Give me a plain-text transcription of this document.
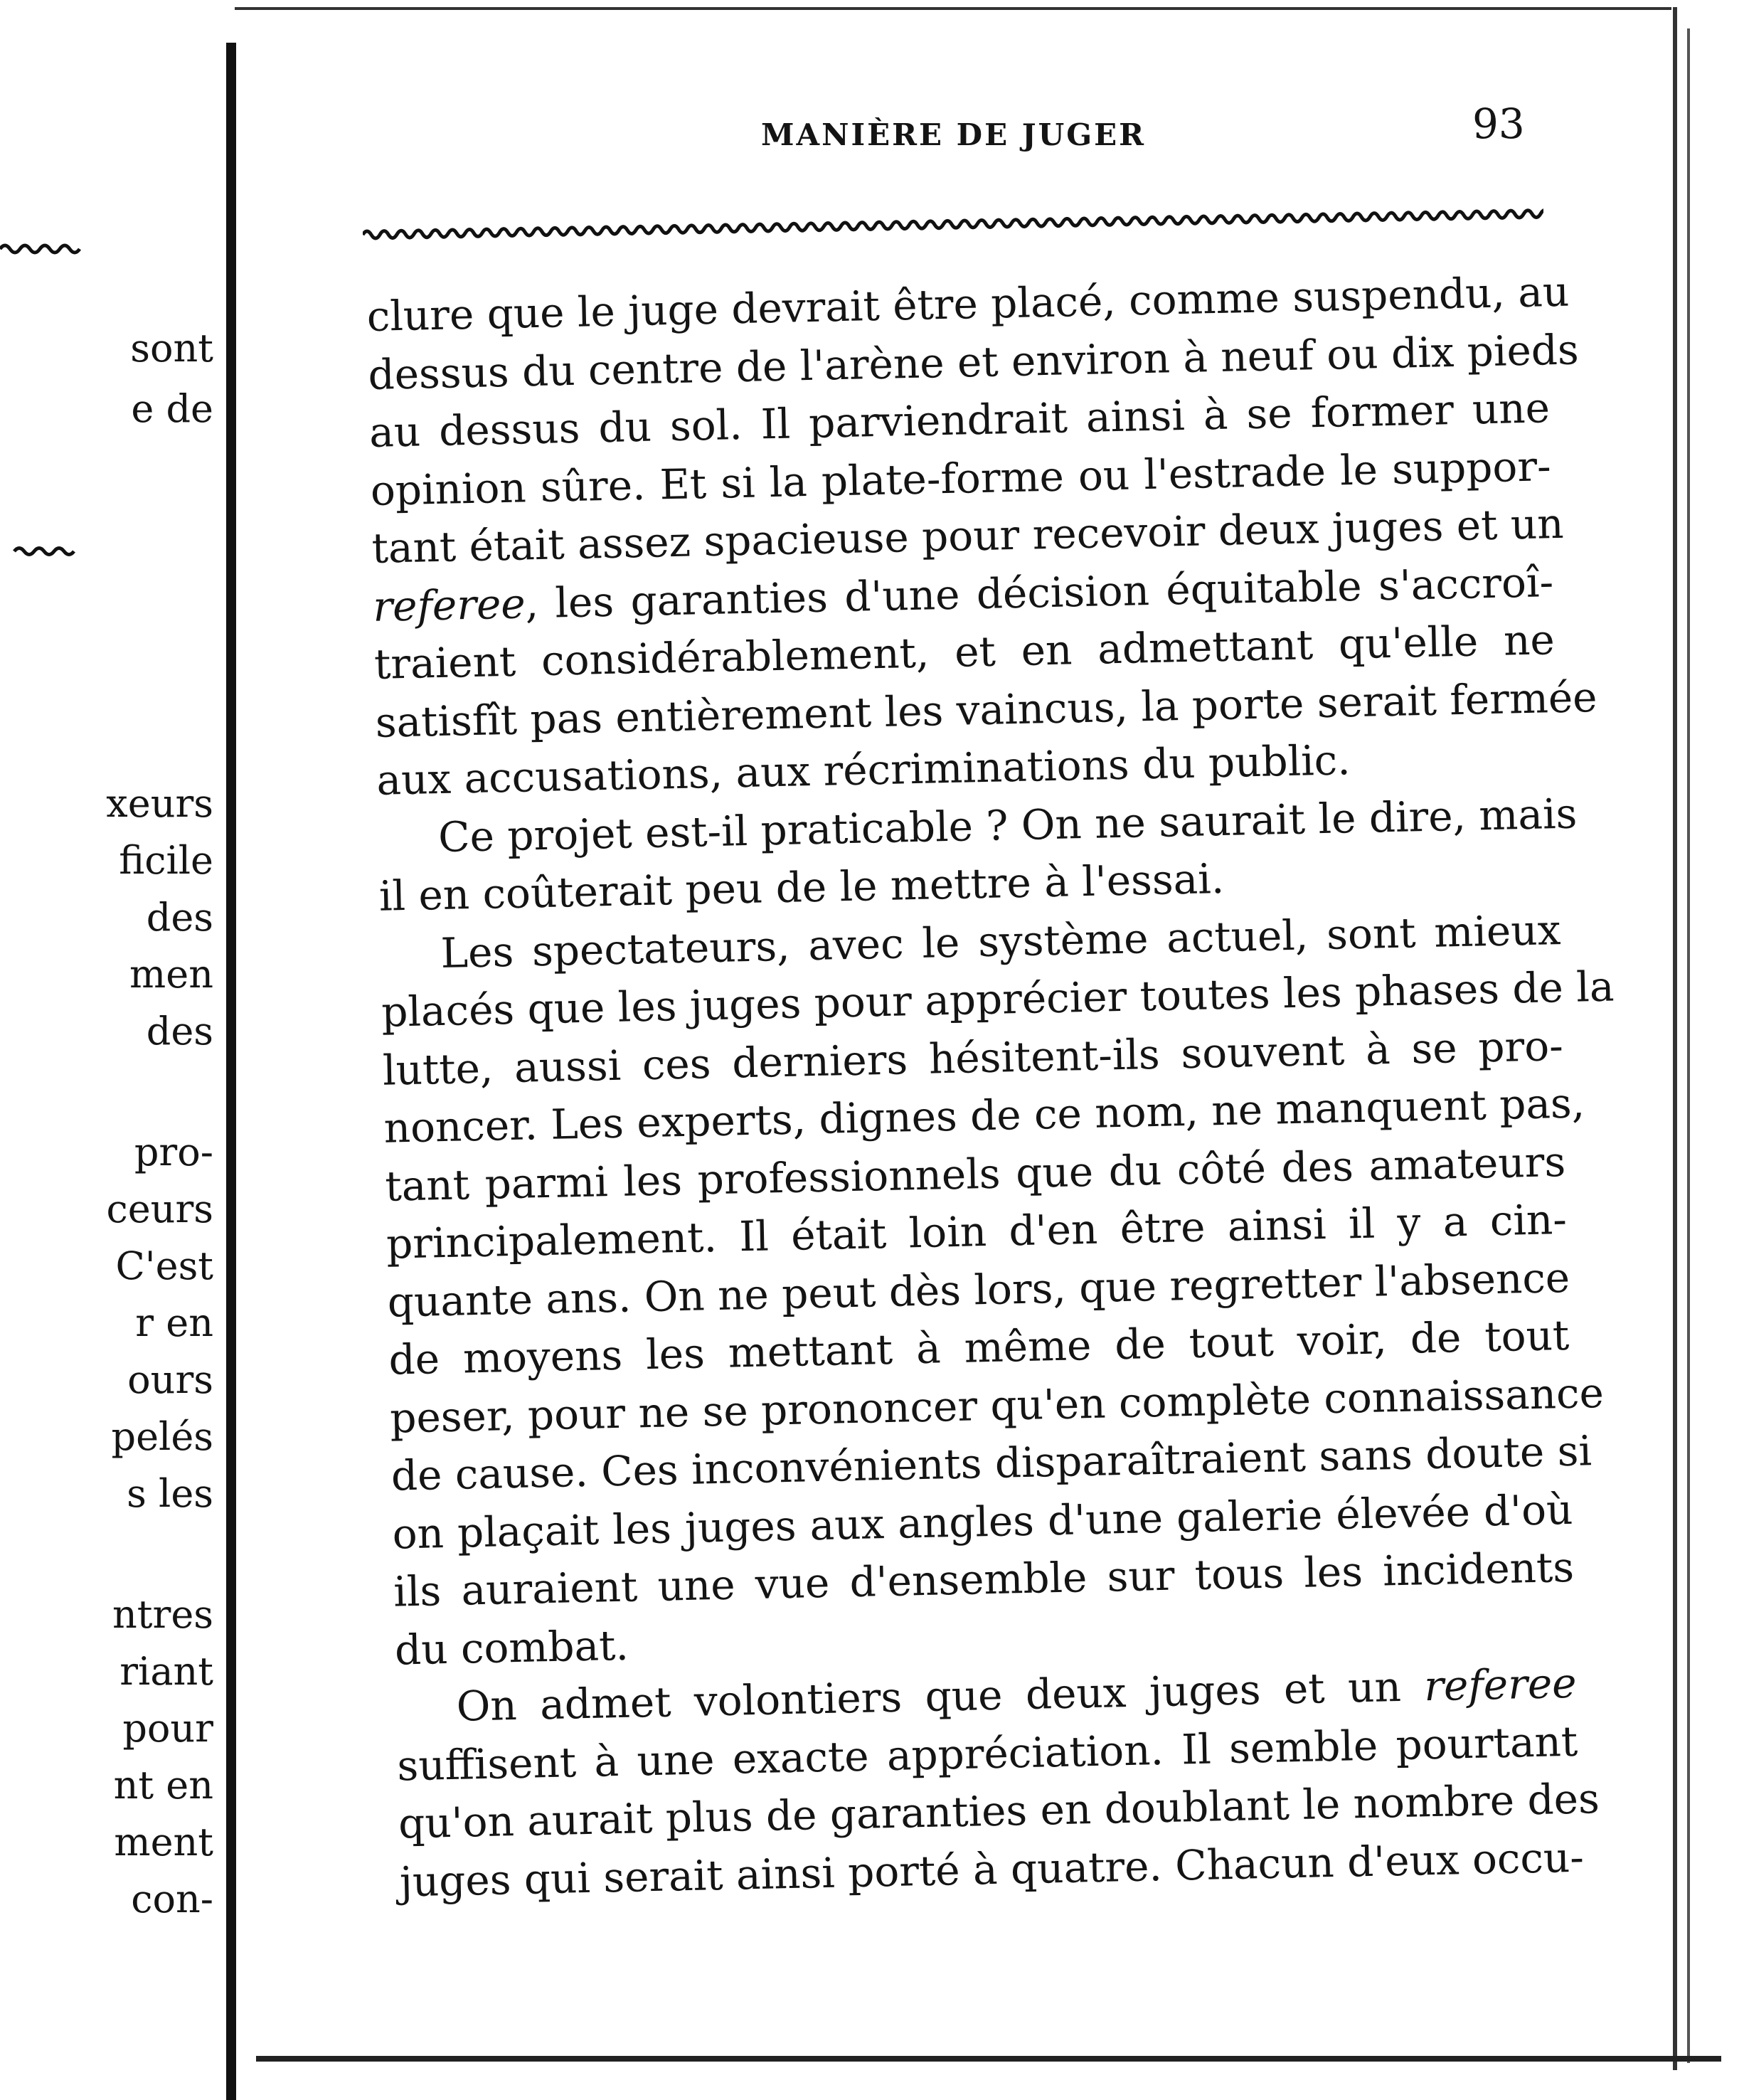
sont
e de
xeurs
ficile
des
men
des
pro-
ceurs
C'est
r en
ours
pelés
s les
ntres
riant
pour
nt en
ment
con-
MANIÈRE DE JUGER	93
clure que le juge devrait être placé, comme suspendu, au
dessus du centre de l'arène et environ à neuf ou dix pieds
au dessus du sol. Il parviendrait ainsi à se former une
opinion sûre. Et si la plate-forme ou l'estrade le suppor-
tant était assez spacieuse pour recevoir deux juges et un
referee, les garanties d'une décision équitable s'accroî-
traient considérablement, et en admettant qu'elle ne
satisfît pas entièrement les vaincus, la porte serait fermée
aux accusations, aux récriminations du public.
Ce projet est-il praticable ? On ne saurait le dire, mais
il en coûterait peu de le mettre à l'essai.
Les spectateurs, avec le système actuel, sont mieux
placés que les juges pour apprécier toutes les phases de la
lutte, aussi ces derniers hésitent-ils souvent à se pro-
noncer. Les experts, dignes de ce nom, ne manquent pas,
tant parmi les professionnels que du côté des amateurs
principalement. Il était loin d'en être ainsi il y a cin-
quante ans. On ne peut dès lors, que regretter l'absence
de moyens les mettant à même de tout voir, de tout
peser, pour ne se prononcer qu'en complète connaissance
de cause. Ces inconvénients disparaîtraient sans doute si
on plaçait les juges aux angles d'une galerie élevée d'où
ils auraient une vue d'ensemble sur tous les incidents
du combat.
On admet volontiers que deux juges et un referee
suffisent à une exacte appréciation. Il semble pourtant
qu'on aurait plus de garanties en doublant le nombre des
juges qui serait ainsi porté à quatre. Chacun d'eux occu-
